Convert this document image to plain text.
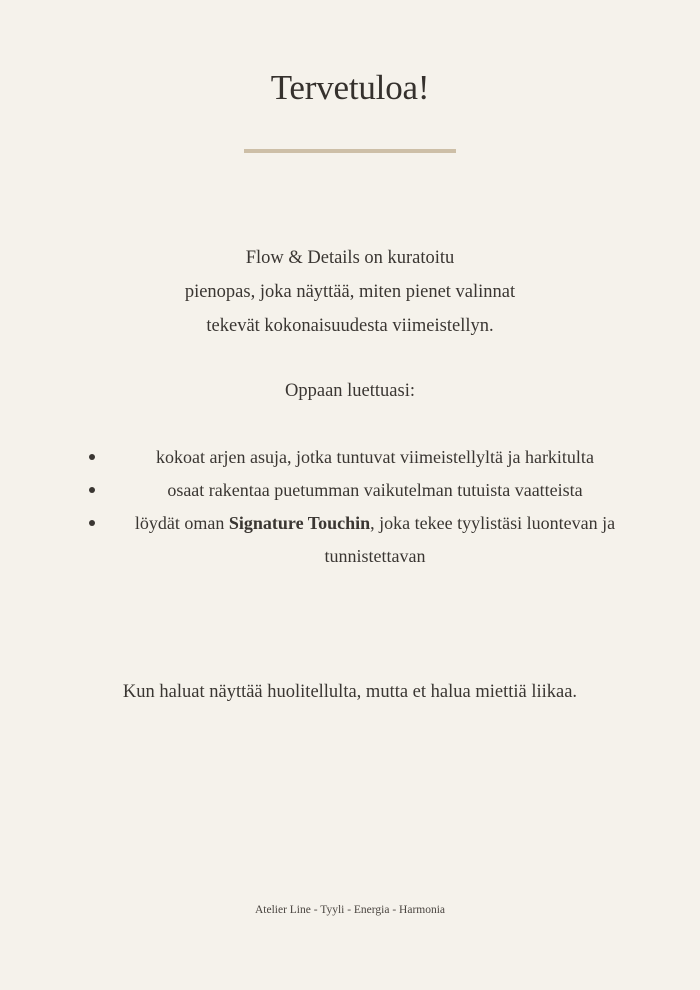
Tervetuloa!
Flow & Details on kuratoitu
pienopas, joka näyttää, miten pienet valinnat
tekevät kokonaisuudesta viimeistellyn.
Oppaan luettuasi:
kokoat arjen asuja, jotka tuntuvat viimeistellyltä ja harkitulta
osaat rakentaa puetumman vaikutelman tutuista vaatteista
löydät oman Signature Touchin, joka tekee tyylistäsi luontevan ja tunnistettavan
Kun haluat näyttää huolitellulta, mutta et halua miettiä liikaa.
Atelier Line - Tyyli - Energia - Harmonia
